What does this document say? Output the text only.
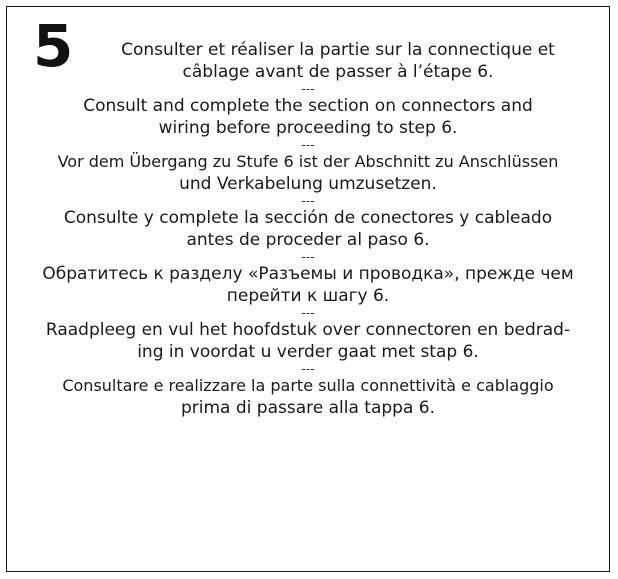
5	Consulter et réaliser la partie sur la connectique et

câblage avant de passer à l’étape 6.

---

Consult and complete the section on connectors and

wiring before proceeding to step 6.

---

Vor dem Übergang zu Stufe 6 ist der Abschnitt zu Anschlüssen

und Verkabelung umzusetzen.

---

Consulte y complete la sección de conectores y cableado

antes de proceder al paso 6.

---

Обратитесь к разделу «Разъемы и проводка», прежде чем

перейти к шагу 6.

---

Raadpleeg en vul het hoofdstuk over connectoren en bedrad-

ing in voordat u verder gaat met stap 6.

---

Consultare e realizzare la parte sulla connettività e cablaggio

prima di passare alla tappa 6.
